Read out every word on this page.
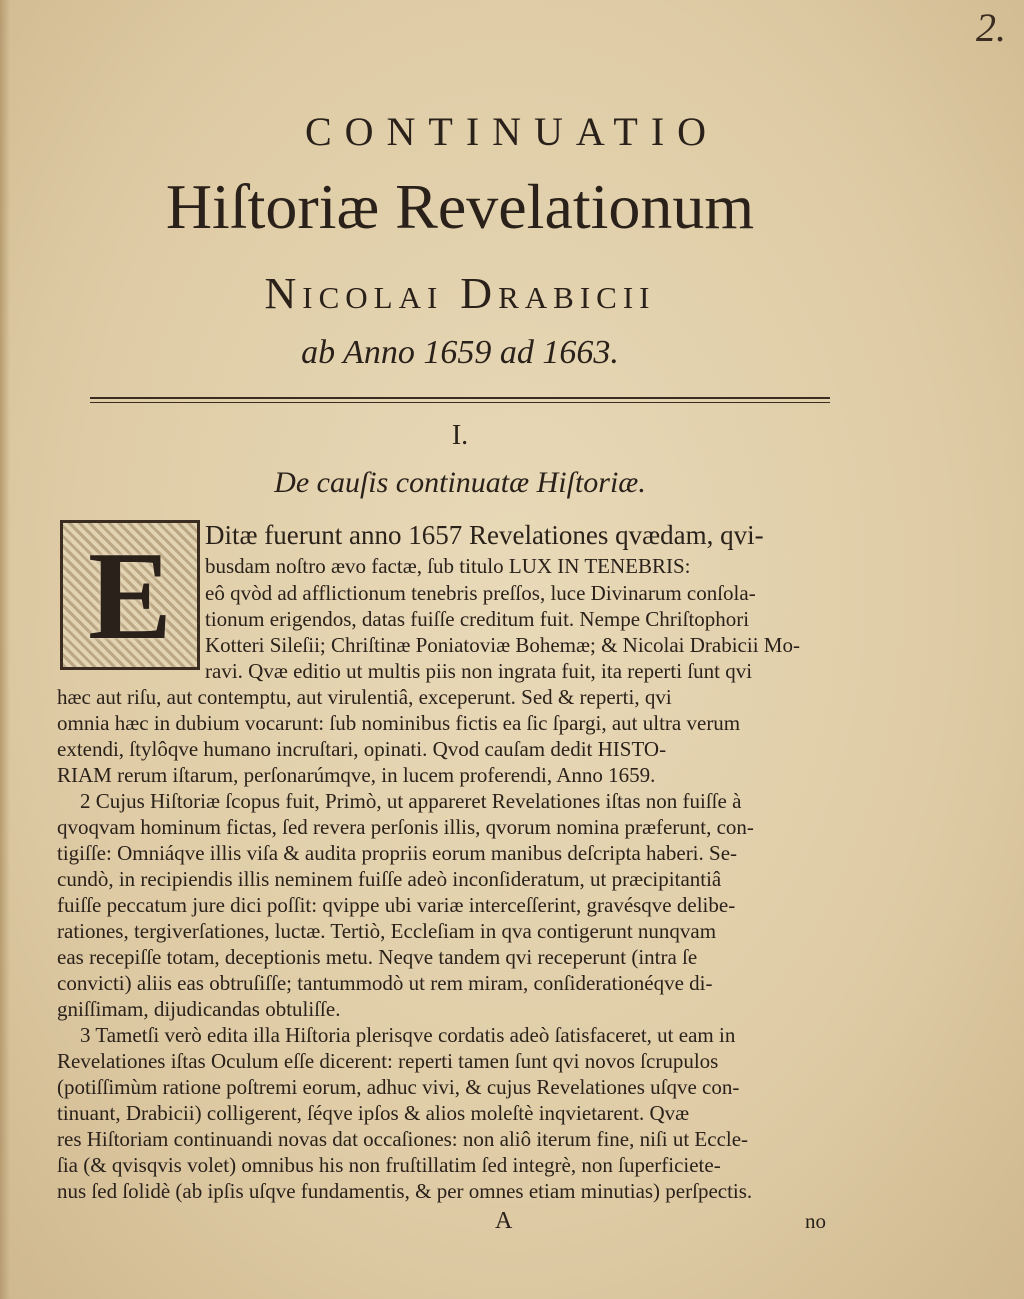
2.
CONTINUATIO
Hiſtoriæ Revelationum
Nicolai Drabicii
ab Anno 1659 ad 1663.
I.
De cauſis continuatæ Hiſtoriæ.
E	Ditæ fuerunt anno 1657 Revelationes qvædam, qvi-
busdam noſtro ævo factæ, ſub titulo LUX IN TENEBRIS:
eô qvòd ad afflictionum tenebris preſſos, luce Divinarum conſola-
tionum erigendos, datas fuiſſe creditum fuit. Nempe Chriſtophori
Kotteri Sileſii; Chriſtinæ Poniatoviæ Bohemæ; & Nicolai Drabicii Mo-
ravi. Qvæ editio ut multis piis non ingrata fuit, ita reperti ſunt qvi
hæc aut riſu, aut contemptu, aut virulentiâ, exceperunt. Sed & reperti, qvi
omnia hæc in dubium vocarunt: ſub nominibus fictis ea ſic ſpargi, aut ultra verum
extendi, ſtylôqve humano incruſtari, opinati. Qvod cauſam dedit HISTO-
RIAM rerum iſtarum, perſonarúmqve, in lucem proferendi, Anno 1659.
2 Cujus Hiſtoriæ ſcopus fuit, Primò, ut appareret Revelationes iſtas non fuiſſe à
qvoqvam hominum fictas, ſed revera perſonis illis, qvorum nomina præferunt, con-
tigiſſe: Omniáqve illis viſa & audita propriis eorum manibus deſcripta haberi. Se-
cundò, in recipiendis illis neminem fuiſſe adeò inconſideratum, ut præcipitantiâ
fuiſſe peccatum jure dici poſſit: qvippe ubi variæ interceſſerint, gravésqve delibe-
rationes, tergiverſationes, luctæ. Tertiò, Eccleſiam in qva contigerunt nunqvam
eas recepiſſe totam, deceptionis metu. Neqve tandem qvi receperunt (intra ſe
convicti) aliis eas obtruſiſſe; tantummodò ut rem miram, conſiderationéqve di-
gniſſimam, dijudicandas obtuliſſe.
3 Tametſi verò edita illa Hiſtoria plerisqve cordatis adeò ſatisfaceret, ut eam in
Revelationes iſtas Oculum eſſe dicerent: reperti tamen ſunt qvi novos ſcrupulos
(potiſſimùm ratione poſtremi eorum, adhuc vivi, & cujus Revelationes uſqve con-
tinuant, Drabicii) colligerent, ſéqve ipſos & alios moleſtè inqvietarent. Qvæ
res Hiſtoriam continuandi novas dat occaſiones: non aliô iterum fine, niſi ut Eccle-
ſia (& qvisqvis volet) omnibus his non fruſtillatim ſed integrè, non ſuperficiete-
nus ſed ſolidè (ab ipſis uſqve fundamentis, & per omnes etiam minutias) perſpectis.
A	no
